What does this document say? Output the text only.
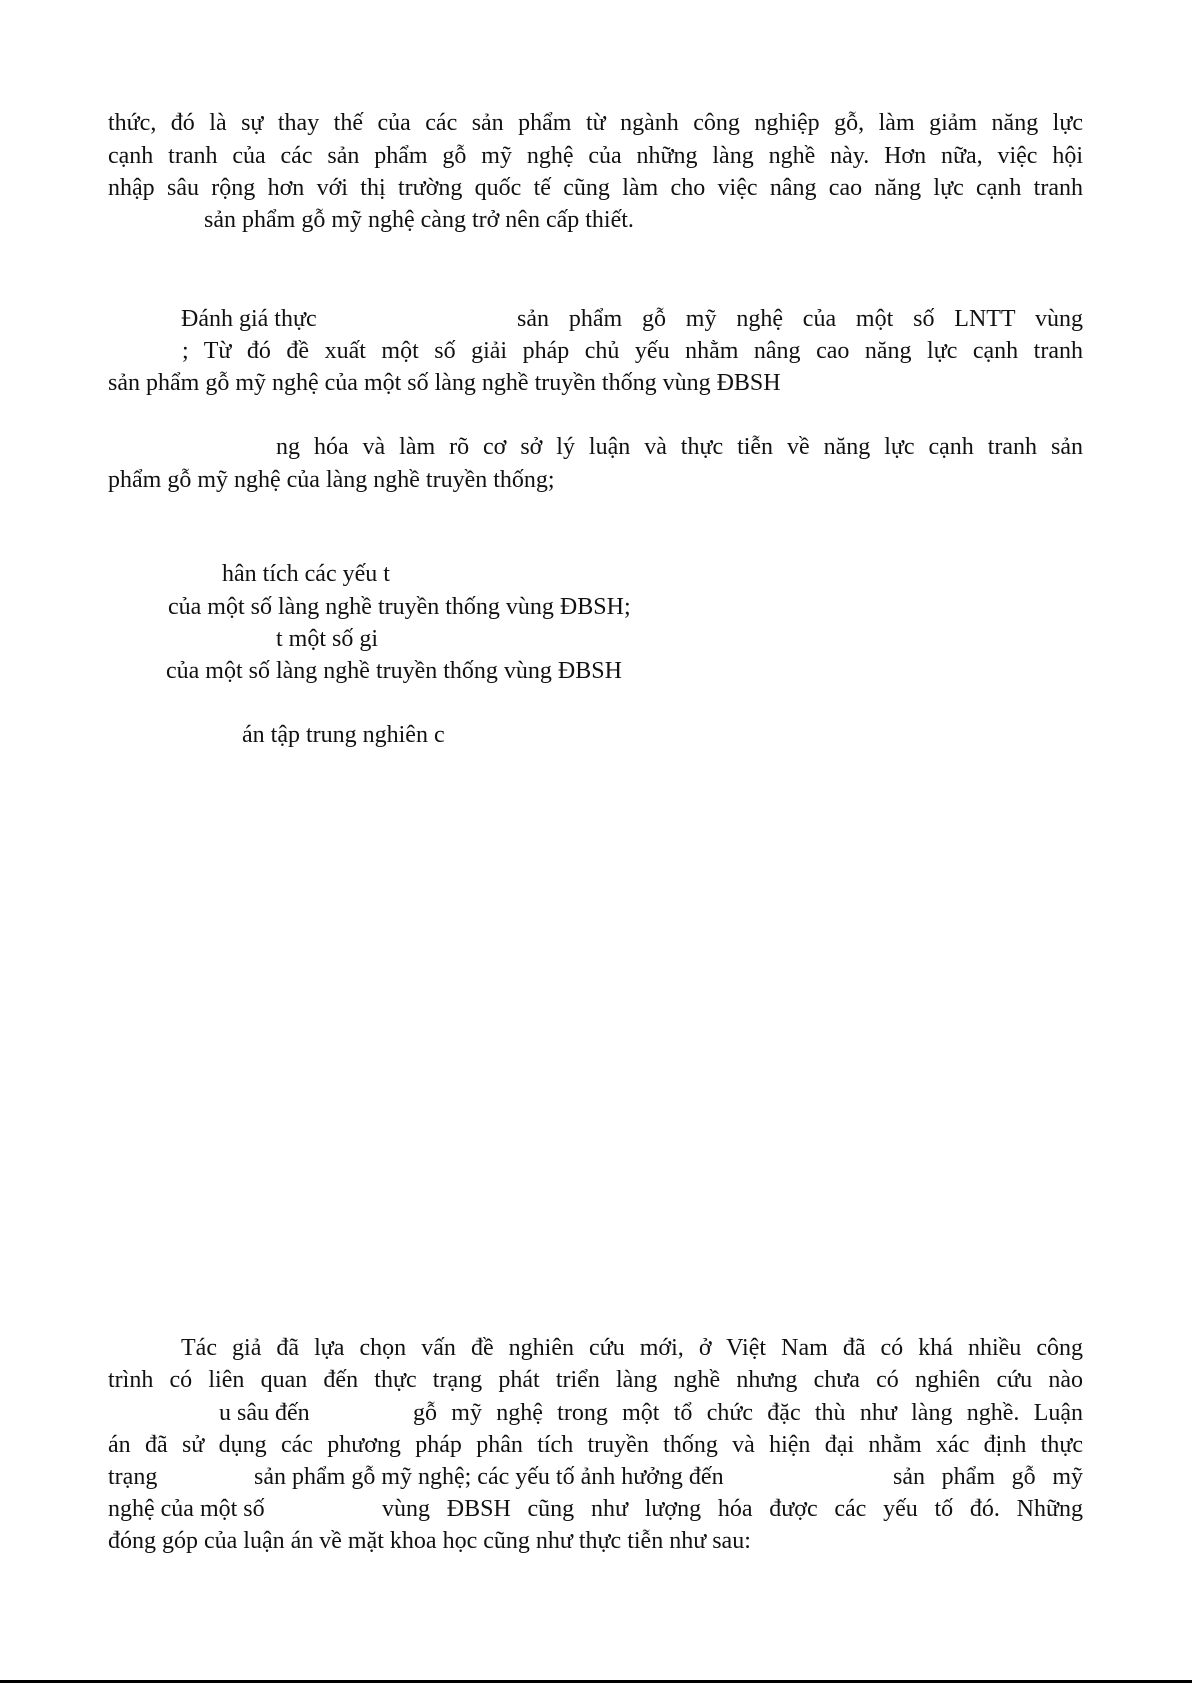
thức, đó là sự thay thế của các sản phẩm từ ngành công nghiệp gỗ, làm giảm năng lực
cạnh tranh của các sản phẩm gỗ mỹ nghệ của những làng nghề này. Hơn nữa, việc hội
nhập sâu rộng hơn với thị trường quốc tế cũng làm cho việc nâng cao năng lực cạnh tranh
sản phẩm gỗ mỹ nghệ càng trở nên cấp thiết.
Đánh giá thực	sản phẩm gỗ mỹ nghệ của một số LNTT vùng
; Từ đó đề xuất một số giải pháp chủ yếu nhằm nâng cao năng lực cạnh tranh
sản phẩm gỗ mỹ nghệ của một số làng nghề truyền thống vùng ĐBSH
ng hóa và làm rõ cơ sở lý luận và thực tiễn về năng lực cạnh tranh sản
phẩm gỗ mỹ nghệ của làng nghề truyền thống;
hân tích các yếu t
của một số làng nghề truyền thống vùng ĐBSH;
t một số gi
của một số làng nghề truyền thống vùng ĐBSH
án tập trung nghiên c
Tác giả đã lựa chọn vấn đề nghiên cứu mới, ở Việt Nam đã có khá nhiều công
trình có liên quan đến thực trạng phát triển làng nghề nhưng chưa có nghiên cứu nào
u sâu đến	gỗ mỹ nghệ trong một tổ chức đặc thù như làng nghề. Luận
án đã sử dụng các phương pháp phân tích truyền thống và hiện đại nhằm xác định thực
trạng	sản phẩm gỗ mỹ nghệ; các yếu tố ảnh hưởng đến	sản phẩm gỗ mỹ
nghệ của một số	vùng ĐBSH cũng như lượng hóa được các yếu tố đó. Những
đóng góp của luận án về mặt khoa học cũng như thực tiễn như sau:
